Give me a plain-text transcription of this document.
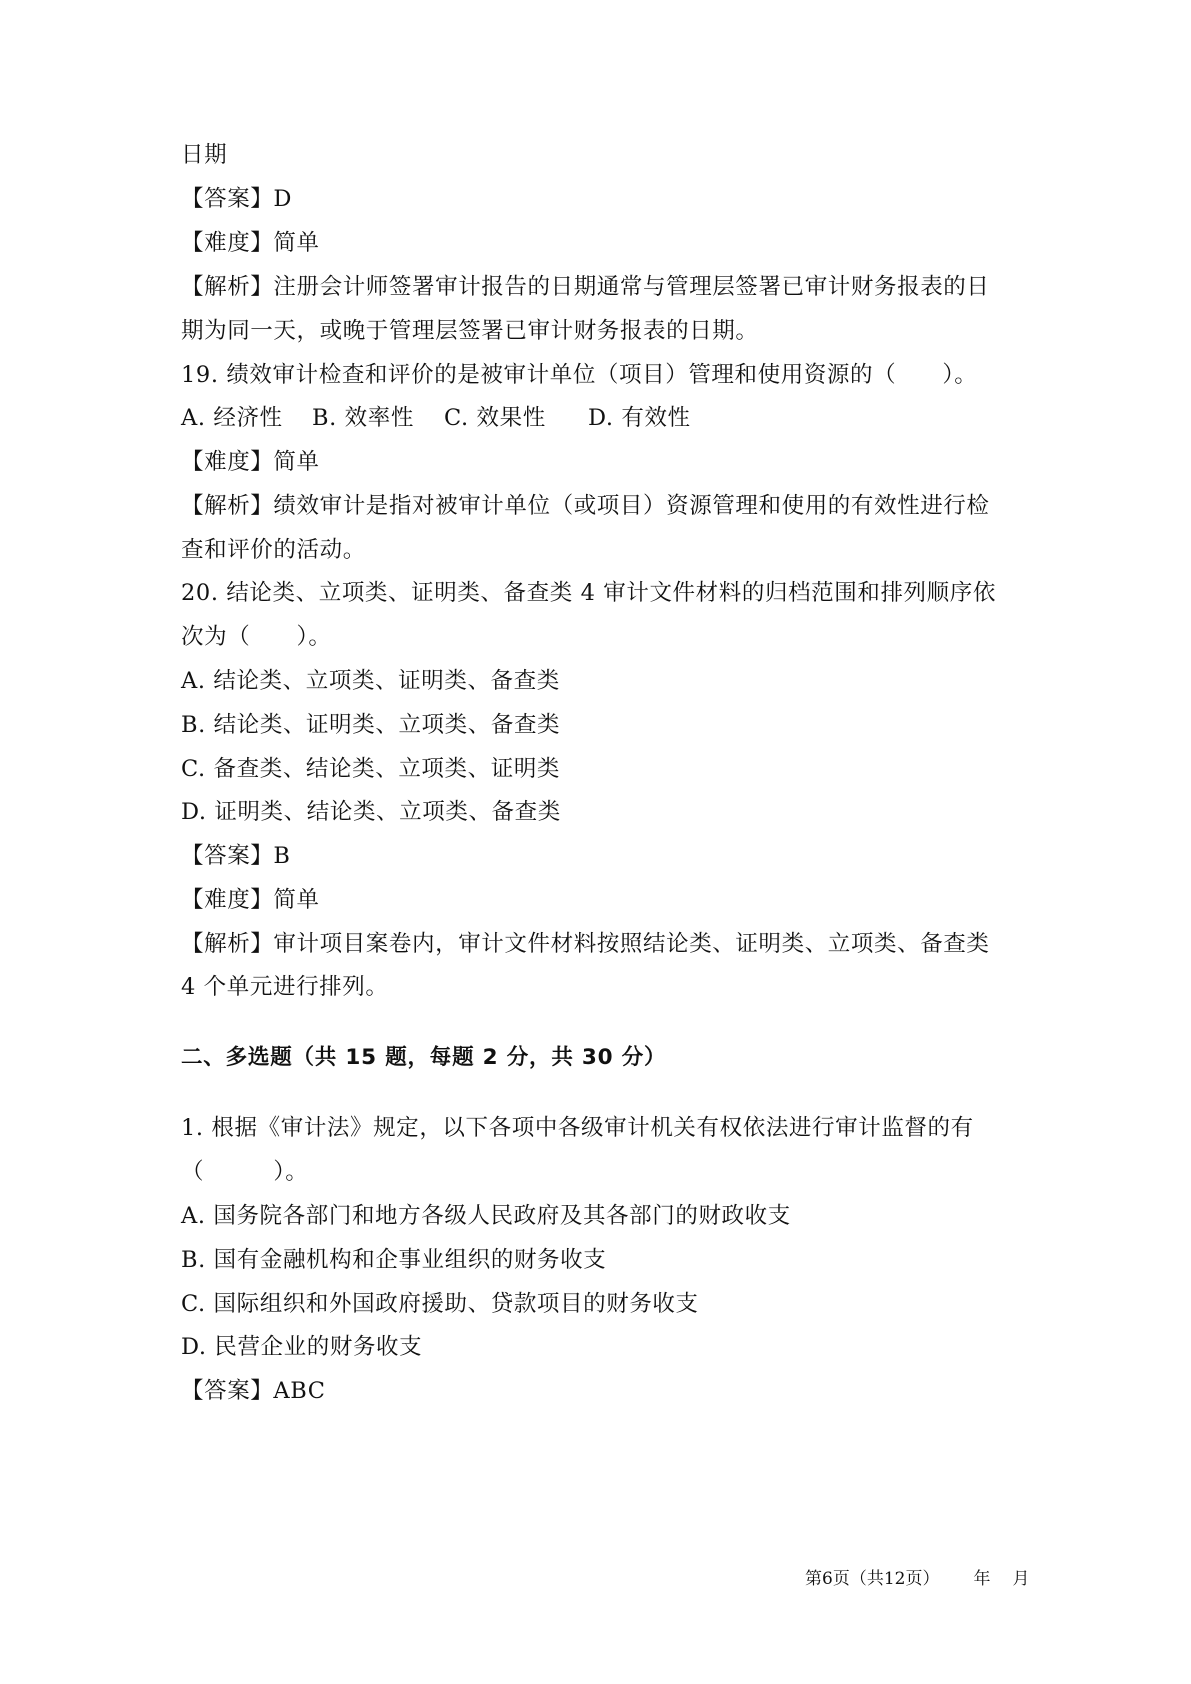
日期
【答案】D
【难度】简单
【解析】注册会计师签署审计报告的日期通常与管理层签署已审计财务报表的日
期为同一天，或晚于管理层签署已审计财务报表的日期。
19. 绩效审计检查和评价的是被审计单位（项目）管理和使用资源的（　　）。
A. 经济性 B. 效率性 C. 效果性 D. 有效性
【难度】简单
【解析】绩效审计是指对被审计单位（或项目）资源管理和使用的有效性进行检
查和评价的活动。
20. 结论类、立项类、证明类、备查类 4 审计文件材料的归档范围和排列顺序依
次为（　　）。
A. 结论类、立项类、证明类、备查类
B. 结论类、证明类、立项类、备查类
C. 备查类、结论类、立项类、证明类
D. 证明类、结论类、立项类、备查类
【答案】B
【难度】简单
【解析】审计项目案卷内，审计文件材料按照结论类、证明类、立项类、备查类
4 个单元进行排列。
二、多选题（共 15 题，每题 2 分，共 30 分）
1. 根据《审计法》规定，以下各项中各级审计机关有权依法进行审计监督的有
（　　　）。
A. 国务院各部门和地方各级人民政府及其各部门的财政收支
B. 国有金融机构和企事业组织的财务收支
C. 国际组织和外国政府援助、贷款项目的财务收支
D. 民营企业的财务收支
【答案】ABC
第6页（共12页） 年 月
